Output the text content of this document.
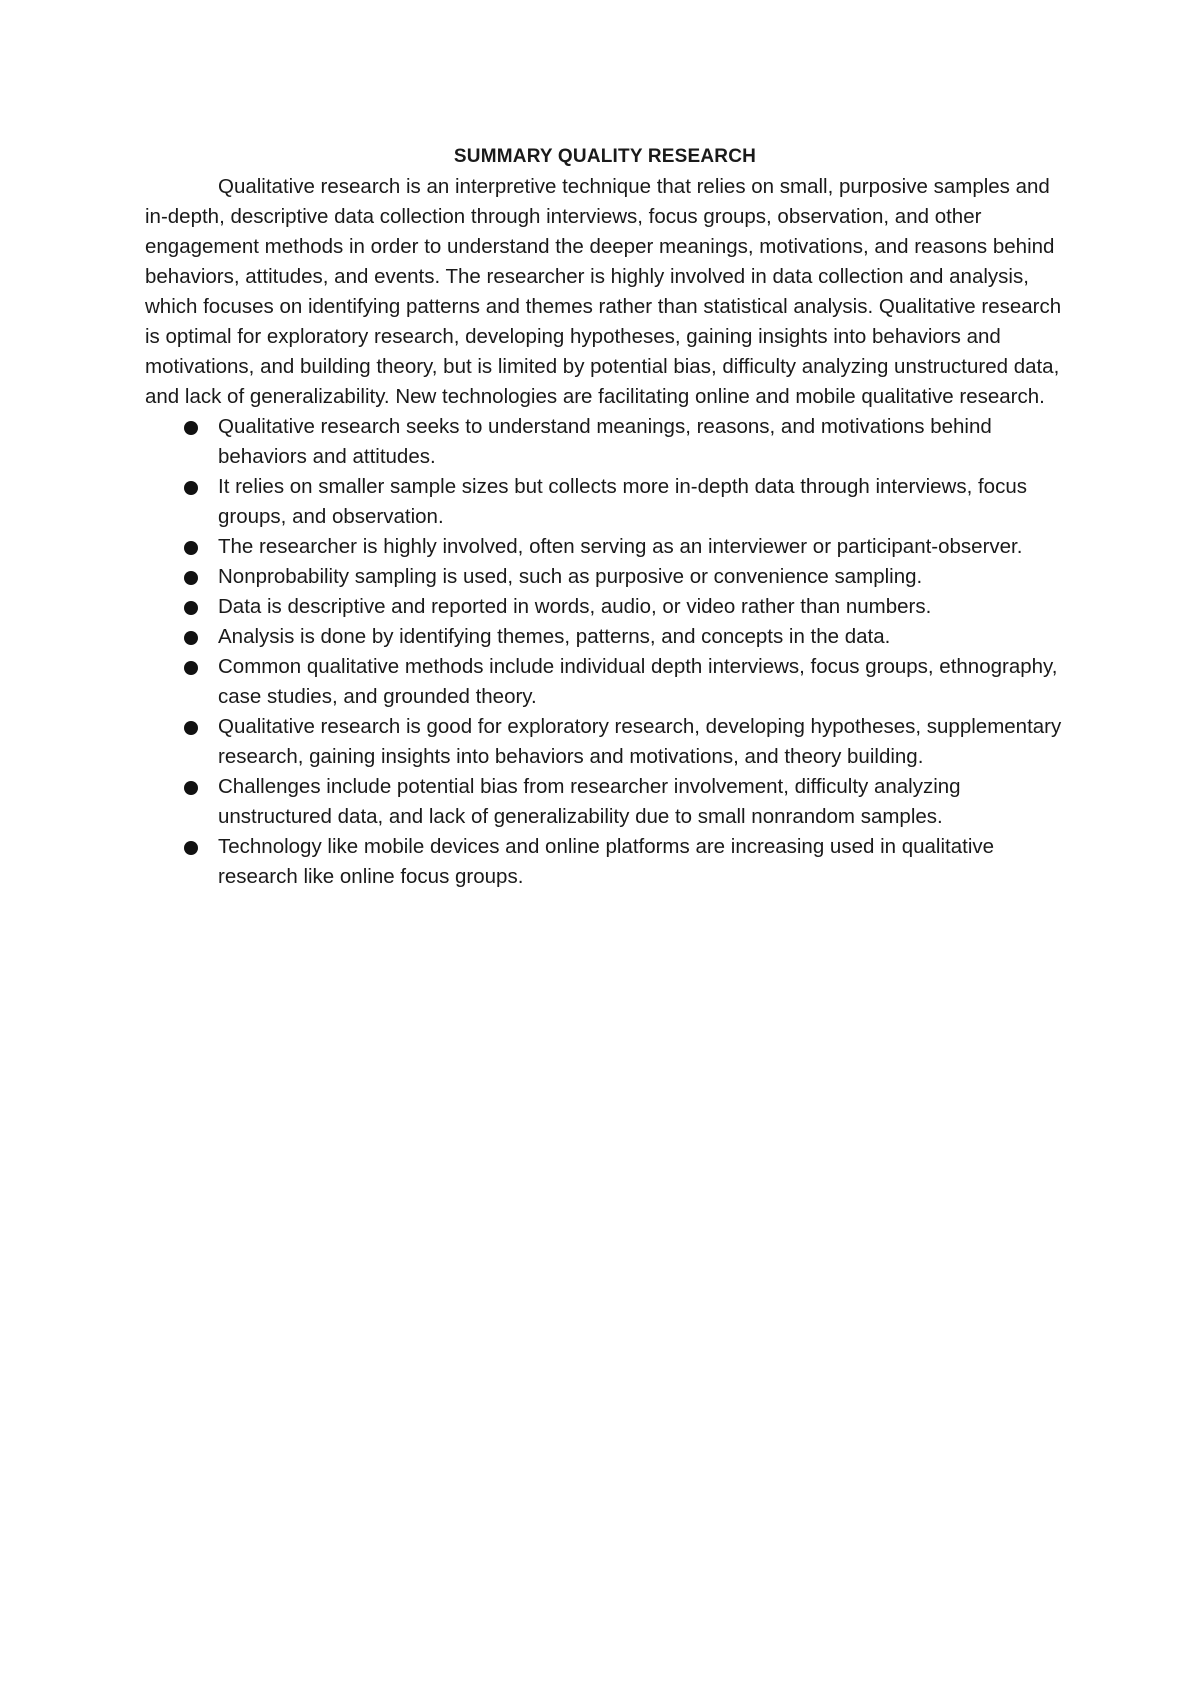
SUMMARY QUALITY RESEARCH

Qualitative research is an interpretive technique that relies on small, purposive samples and in-depth, descriptive data collection through interviews, focus groups, observation, and other engagement methods in order to understand the deeper meanings, motivations, and reasons behind behaviors, attitudes, and events. The researcher is highly involved in data collection and analysis, which focuses on identifying patterns and themes rather than statistical analysis. Qualitative research is optimal for exploratory research, developing hypotheses, gaining insights into behaviors and motivations, and building theory, but is limited by potential bias, difficulty analyzing unstructured data, and lack of generalizability. New technologies are facilitating online and mobile qualitative research.

Qualitative research seeks to understand meanings, reasons, and motivations behind behaviors and attitudes.
It relies on smaller sample sizes but collects more in-depth data through interviews, focus groups, and observation.
The researcher is highly involved, often serving as an interviewer or participant-observer.
Nonprobability sampling is used, such as purposive or convenience sampling.
Data is descriptive and reported in words, audio, or video rather than numbers.
Analysis is done by identifying themes, patterns, and concepts in the data.
Common qualitative methods include individual depth interviews, focus groups, ethnography, case studies, and grounded theory.
Qualitative research is good for exploratory research, developing hypotheses, supplementary research, gaining insights into behaviors and motivations, and theory building.
Challenges include potential bias from researcher involvement, difficulty analyzing unstructured data, and lack of generalizability due to small nonrandom samples.
Technology like mobile devices and online platforms are increasing used in qualitative research like online focus groups.
